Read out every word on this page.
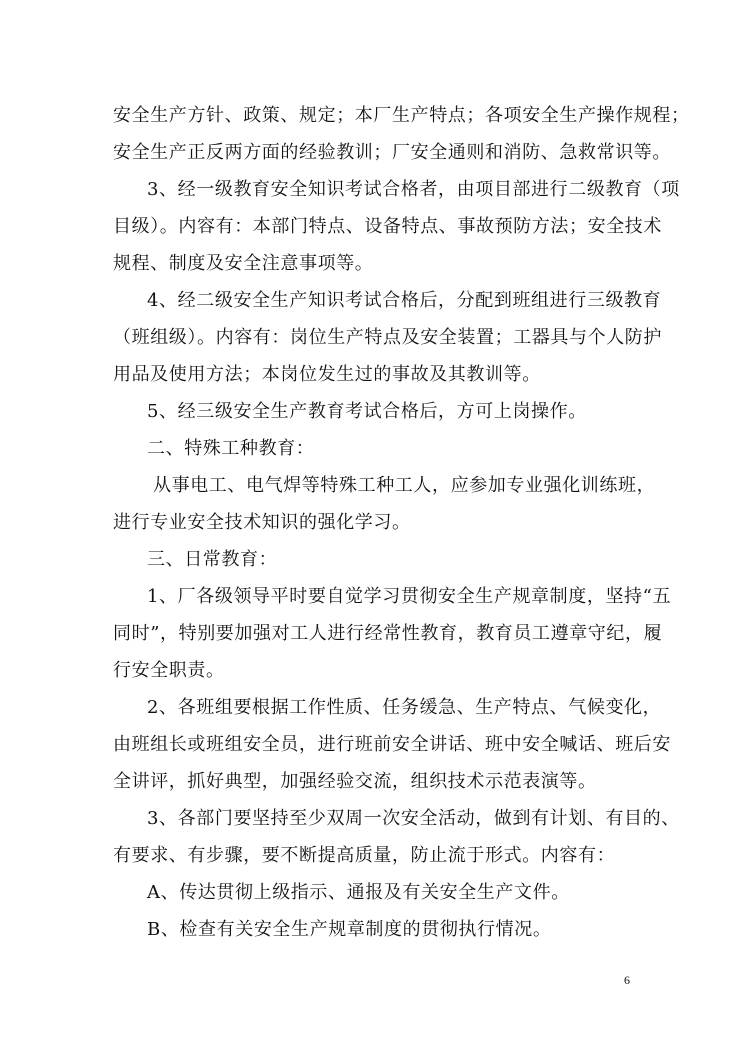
安全生产方针、政策、规定；本厂生产特点；各项安全生产操作规程；
安全生产正反两方面的经验教训；厂安全通则和消防、急救常识等。
3、经一级教育安全知识考试合格者，由项目部进行二级教育（项
目级）。内容有：本部门特点、设备特点、事故预防方法；安全技术
规程、制度及安全注意事项等。
4、经二级安全生产知识考试合格后，分配到班组进行三级教育
（班组级）。内容有：岗位生产特点及安全装置；工器具与个人防护
用品及使用方法；本岗位发生过的事故及其教训等。
5、经三级安全生产教育考试合格后，方可上岗操作。
二、特殊工种教育：
从事电工、电气焊等特殊工种工人，应参加专业强化训练班，
进行专业安全技术知识的强化学习。
三、日常教育：
1、厂各级领导平时要自觉学习贯彻安全生产规章制度，坚持“五
同时”，特别要加强对工人进行经常性教育，教育员工遵章守纪，履
行安全职责。
2、各班组要根据工作性质、任务缓急、生产特点、气候变化，
由班组长或班组安全员，进行班前安全讲话、班中安全喊话、班后安
全讲评，抓好典型，加强经验交流，组织技术示范表演等。
3、各部门要坚持至少双周一次安全活动，做到有计划、有目的、
有要求、有步骤，要不断提高质量，防止流于形式。内容有：
A、传达贯彻上级指示、通报及有关安全生产文件。
B、检查有关安全生产规章制度的贯彻执行情况。
6
